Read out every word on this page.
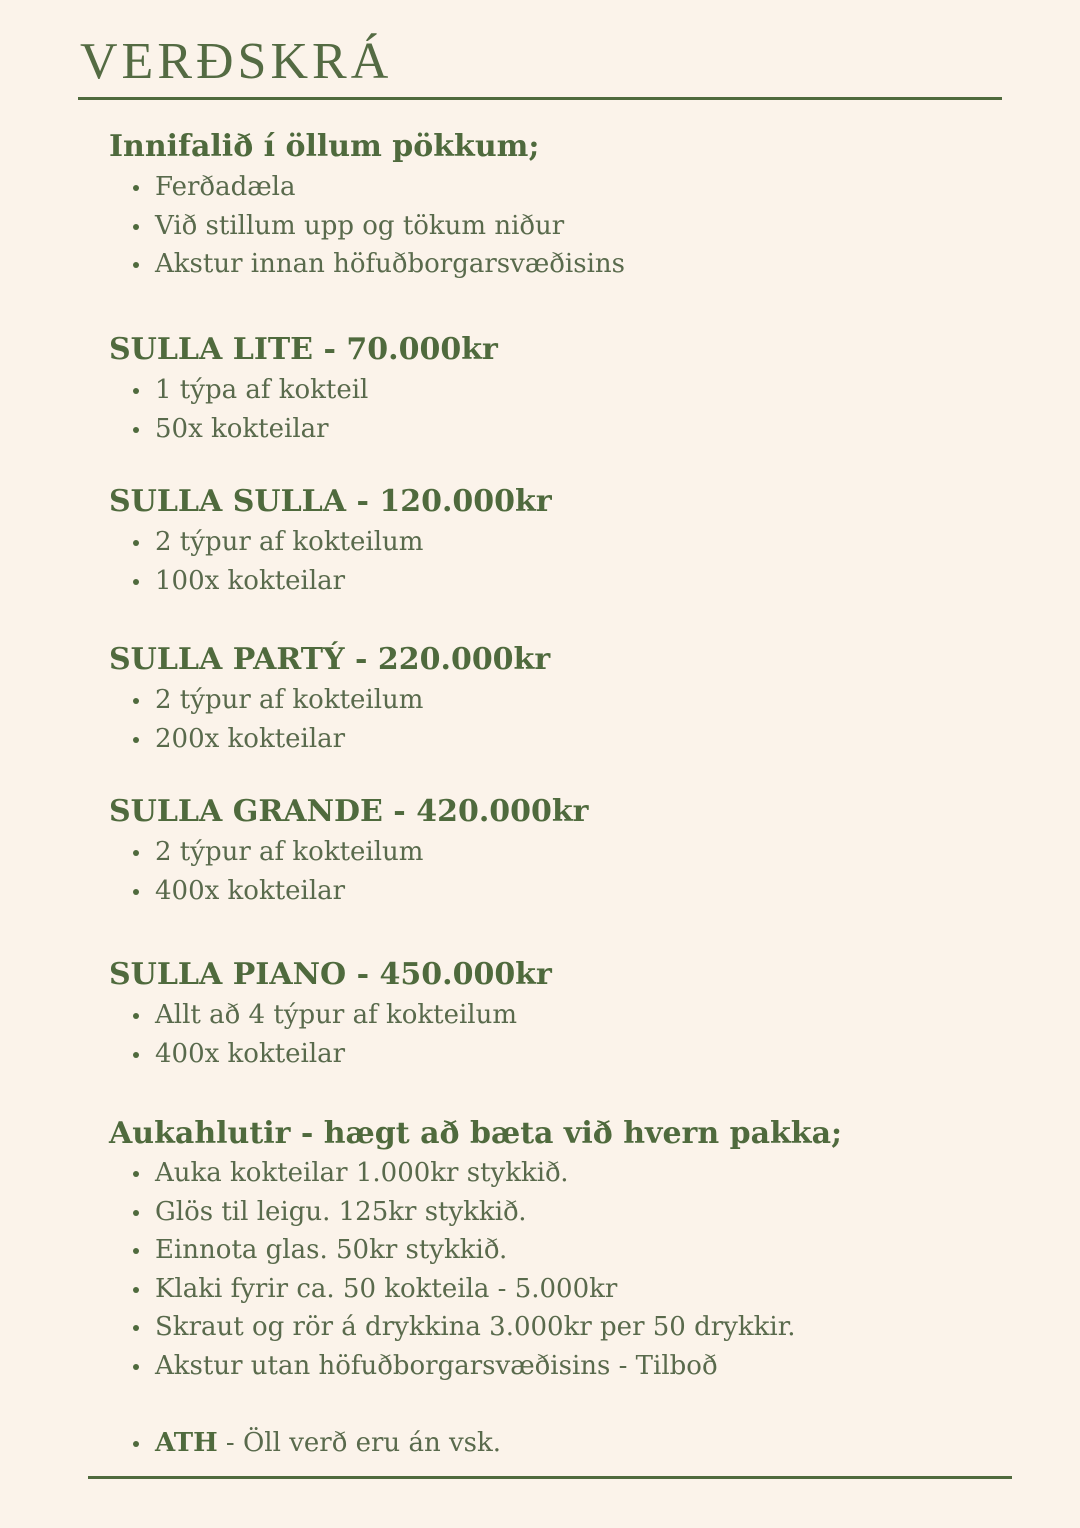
VERÐSKRÁ
Innifalið í öllum pökkum;
Ferðadæla
Við stillum upp og tökum niður
Akstur innan höfuðborgarsvæðisins
SULLA LITE - 70.000kr
1 týpa af kokteil
50x kokteilar
SULLA SULLA - 120.000kr
2 týpur af kokteilum
100x kokteilar
SULLA PARTÝ - 220.000kr
2 týpur af kokteilum
200x kokteilar
SULLA GRANDE - 420.000kr
2 týpur af kokteilum
400x kokteilar
SULLA PIANO - 450.000kr
Allt að 4 týpur af kokteilum
400x kokteilar
Aukahlutir - hægt að bæta við hvern pakka;
Auka kokteilar 1.000kr stykkið.
Glös til leigu. 125kr stykkið.
Einnota glas. 50kr stykkið.
Klaki fyrir ca. 50 kokteila - 5.000kr
Skraut og rör á drykkina 3.000kr per 50 drykkir.
Akstur utan höfuðborgarsvæðisins - Tilboð
ATH - Öll verð eru án vsk.
